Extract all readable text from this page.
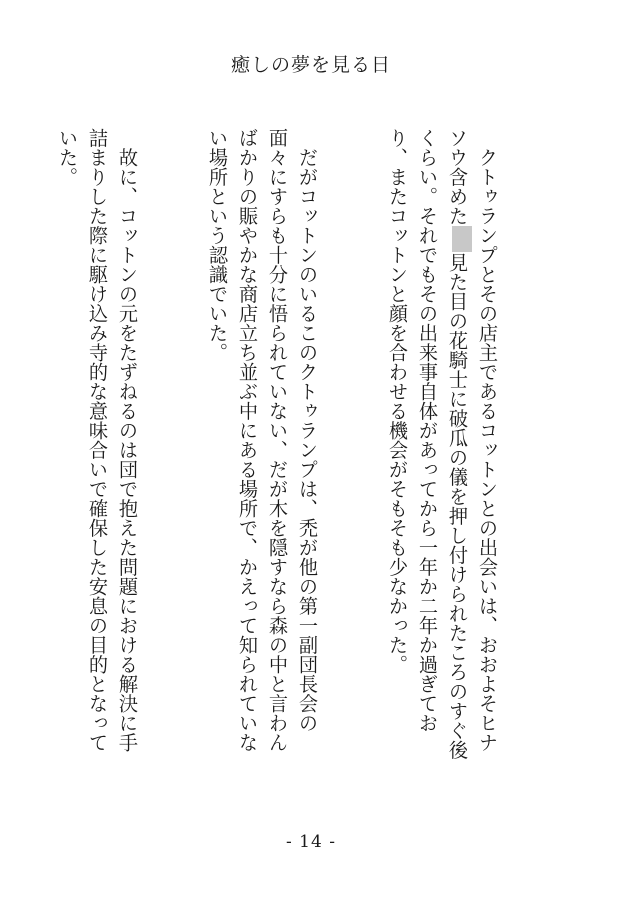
癒しの夢を見る日

　クトゥランプとその店主であるコットンとの出会いは、おおよそヒナソウ含めた見た目の花騎士に破瓜の儀を押し付けられたころのすぐ後くらい。それでもその出来事自体があってから一年か二年か過ぎており、またコットンと顔を合わせる機会がそもそも少なかった。

　だがコットンのいるこのクトゥランプは、禿が他の第一副団長会の面々にすらも十分に悟られていない、だが木を隠すなら森の中と言わんばかりの賑やかな商店立ち並ぶ中にある場所で、かえって知られていない場所という認識でいた。

　故に、コットンの元をたずねるのは団で抱えた問題における解決に手詰まりした際に駆け込み寺的な意味合いで確保した安息の目的となっていた。

- 14 -
